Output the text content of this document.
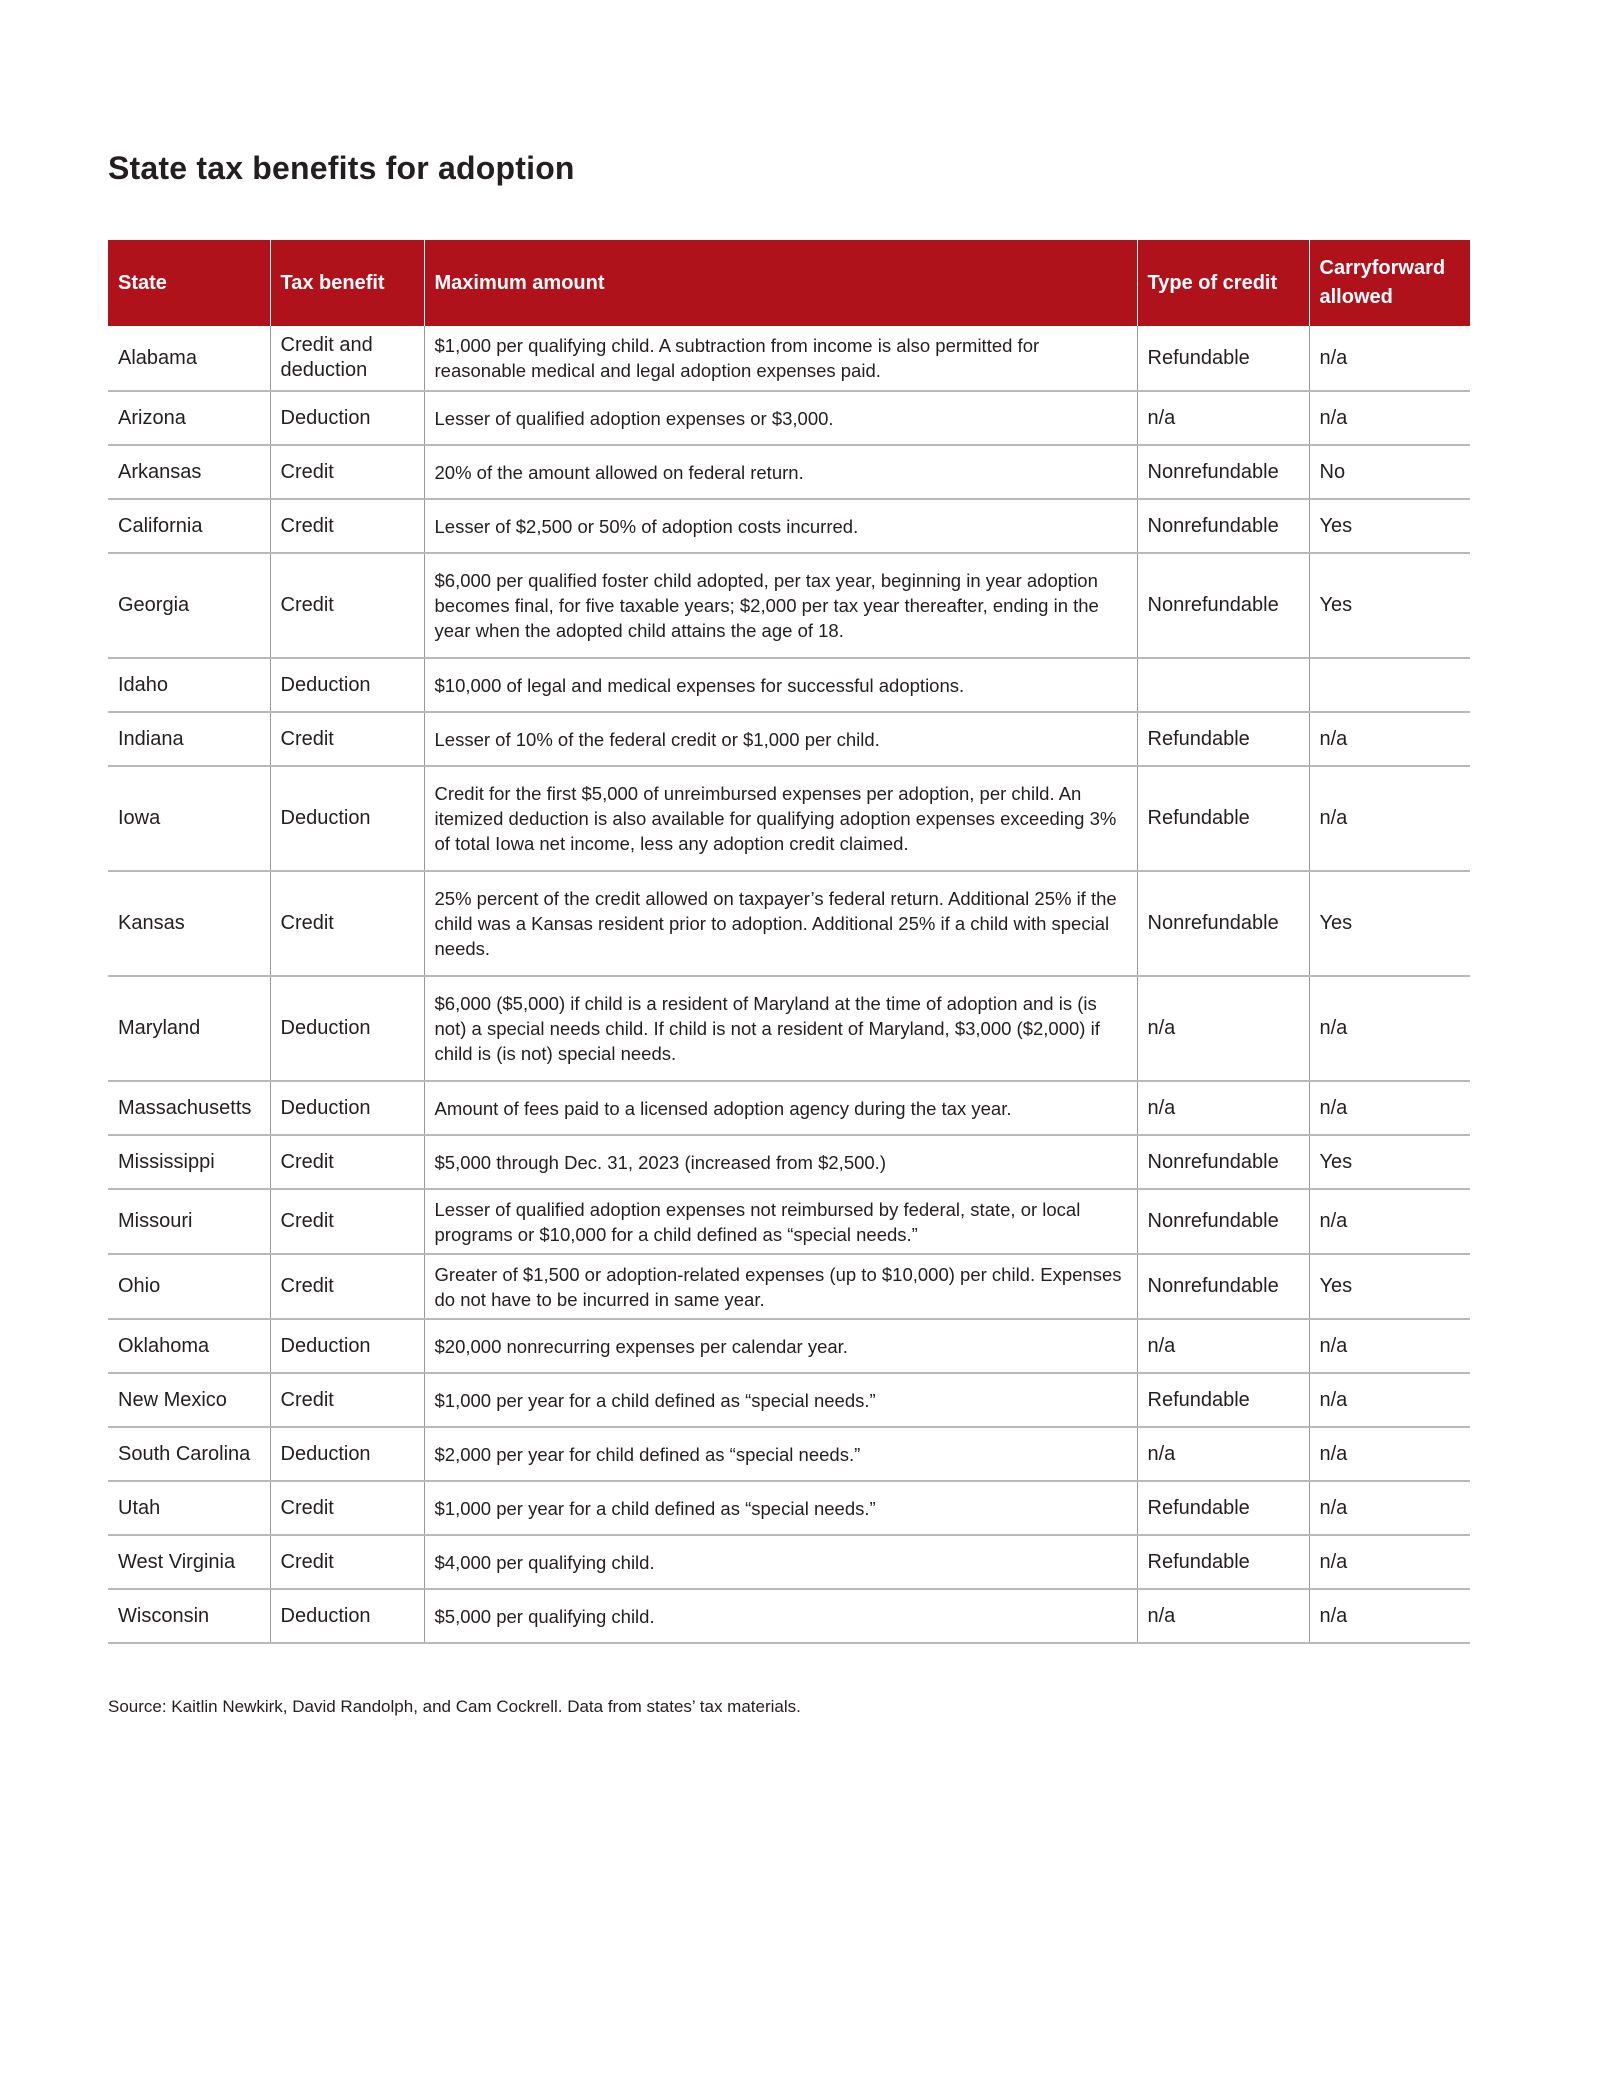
State tax benefits for adoption
State	Tax benefit	Maximum amount	Type of credit	Carryforward
allowed
Alabama	Credit and deduction	$1,000 per qualifying child. A subtraction from income is also permitted for reasonable medical and legal adoption expenses paid.	Refundable	n/a
Arizona	Deduction	Lesser of qualified adoption expenses or $3,000.	n/a	n/a
Arkansas	Credit	20% of the amount allowed on federal return.	Nonrefundable	No
California	Credit	Lesser of $2,500 or 50% of adoption costs incurred.	Nonrefundable	Yes
Georgia	Credit	$6,000 per qualified foster child adopted, per tax year, beginning in year adoption becomes final, for five taxable years; $2,000 per tax year thereafter, ending in the year when the adopted child attains the age of 18.	Nonrefundable	Yes
Idaho	Deduction	$10,000 of legal and medical expenses for successful adoptions.		
Indiana	Credit	Lesser of 10% of the federal credit or $1,000 per child.	Refundable	n/a
Iowa	Deduction	Credit for the first $5,000 of unreimbursed expenses per adoption, per child. An itemized deduction is also available for qualifying adoption expenses exceeding 3% of total Iowa net income, less any adoption credit claimed.	Refundable	n/a
Kansas	Credit	25% percent of the credit allowed on taxpayer’s federal return. Additional 25% if the child was a Kansas resident prior to adoption. Additional 25% if a child with special needs.	Nonrefundable	Yes
Maryland	Deduction	$6,000 ($5,000) if child is a resident of Maryland at the time of adoption and is (is not) a special needs child. If child is not a resident of Maryland, $3,000 ($2,000) if child is (is not) special needs.	n/a	n/a
Massachusetts	Deduction	Amount of fees paid to a licensed adoption agency during the tax year.	n/a	n/a
Mississippi	Credit	$5,000 through Dec. 31, 2023 (increased from $2,500.)	Nonrefundable	Yes
Missouri	Credit	Lesser of qualified adoption expenses not reimbursed by federal, state, or local programs or $10,000 for a child defined as “special needs.”	Nonrefundable	n/a
Ohio	Credit	Greater of $1,500 or adoption-related expenses (up to $10,000) per child. Expenses do not have to be incurred in same year.	Nonrefundable	Yes
Oklahoma	Deduction	$20,000 nonrecurring expenses per calendar year.	n/a	n/a
New Mexico	Credit	$1,000 per year for a child defined as “special needs.”	Refundable	n/a
South Carolina	Deduction	$2,000 per year for child defined as “special needs.”	n/a	n/a
Utah	Credit	$1,000 per year for a child defined as “special needs.”	Refundable	n/a
West Virginia	Credit	$4,000 per qualifying child.	Refundable	n/a
Wisconsin	Deduction	$5,000 per qualifying child.	n/a	n/a

Source: Kaitlin Newkirk, David Randolph, and Cam Cockrell. Data from states’ tax materials.
